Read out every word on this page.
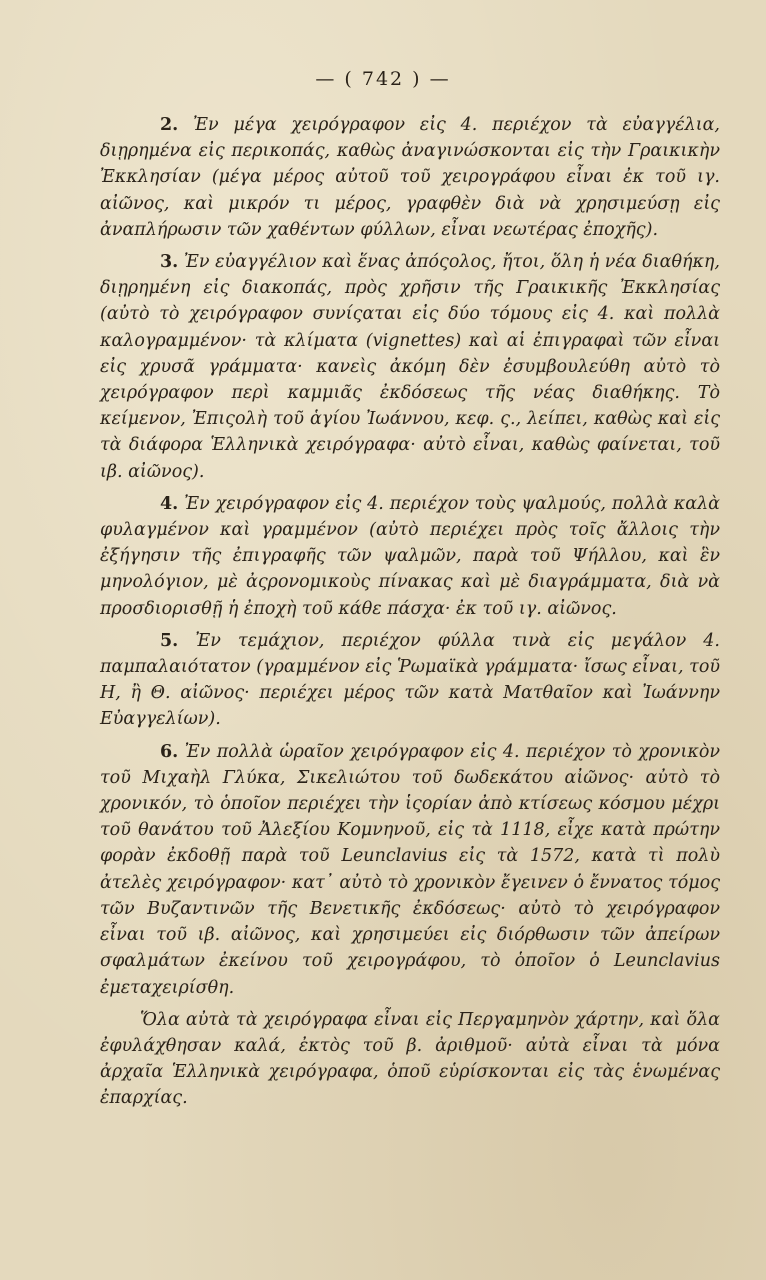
— ( 742 ) —

2. Ἐν μέγα χειρόγραφον εἰς 4. περιέχον τὰ εὐαγγέλια, διῃρημένα εἰς περικοπάς, καθὼς ἀναγινώσκονται εἰς τὴν Γραικικὴν Ἐκκλησίαν (μέγα μέρος αὐτοῦ τοῦ χειρογράφου εἶναι ἐκ τοῦ ιγ. αἰῶνος, καὶ μικρόν τι μέρος, γραφθὲν διὰ νὰ χρησιμεύσῃ εἰς ἀναπλήρωσιν τῶν χαθέντων φύλλων, εἶναι νεωτέρας ἐποχῆς).

3. Ἐν εὐαγγέλιον καὶ ἕνας ἀπόςολος, ἤτοι, ὅλη ἡ νέα διαθήκη, διῃρημένη εἰς διακοπάς, πρὸς χρῆσιν τῆς Γραικικῆς Ἐκκλησίας (αὐτὸ τὸ χειρόγραφον συνίςαται εἰς δύο τόμους εἰς 4. καὶ πολλὰ καλογραμμένον· τὰ κλίματα (vignettes) καὶ αἱ ἐπιγραφαὶ τῶν εἶναι εἰς χρυσᾶ γράμματα· κανεὶς ἀκόμη δὲν ἐσυμβουλεύθη αὐτὸ τὸ χειρόγραφον περὶ καμμιᾶς ἐκδόσεως τῆς νέας διαθήκης. Τὸ κείμενον, Ἐπιςολὴ τοῦ ἁγίου Ἰωάννου, κεφ. ς., λείπει, καθὼς καὶ εἰς τὰ διάφορα Ἑλληνικὰ χειρόγραφα· αὐτὸ εἶναι, καθὼς φαίνεται, τοῦ ιβ. αἰῶνος).

4. Ἐν χειρόγραφον εἰς 4. περιέχον τοὺς ψαλμούς, πολλὰ καλὰ φυλαγμένον καὶ γραμμένον (αὐτὸ περιέχει πρὸς τοῖς ἄλλοις τὴν ἐξήγησιν τῆς ἐπιγραφῆς τῶν ψαλμῶν, παρὰ τοῦ Ψήλλου, καὶ ἓν μηνολόγιον, μὲ ἀςρονομικοὺς πίνακας καὶ μὲ διαγράμματα, διὰ νὰ προσδιορισθῇ ἡ ἐποχὴ τοῦ κάθε πάσχα· ἐκ τοῦ ιγ. αἰῶνος.

5. Ἐν τεμάχιον, περιέχον φύλλα τινὰ εἰς μεγάλον 4. παμπαλαιότατον (γραμμένον εἰς Ῥωμαϊκὰ γράμματα· ἴσως εἶναι, τοῦ Η, ἢ Θ. αἰῶνος· περιέχει μέρος τῶν κατὰ Ματθαῖον καὶ Ἰωάννην Εὐαγγελίων).

6. Ἐν πολλὰ ὡραῖον χειρόγραφον εἰς 4. περιέχον τὸ χρονικὸν τοῦ Μιχαὴλ Γλύκα, Σικελιώτου τοῦ δωδεκάτου αἰῶνος· αὐτὸ τὸ χρονικόν, τὸ ὁποῖον περιέχει τὴν ἱςορίαν ἀπὸ κτίσεως κόσμου μέχρι τοῦ θανάτου τοῦ Ἀλεξίου Κομνηνοῦ, εἰς τὰ 1118, εἶχε κατὰ πρώτην φορὰν ἐκδοθῇ παρὰ τοῦ Leunclavius εἰς τὰ 1572, κατὰ τὶ πολὺ ἀτελὲς χειρόγραφον· κατ᾽ αὐτὸ τὸ χρονικὸν ἔγεινεν ὁ ἔννατος τόμος τῶν Βυζαντινῶν τῆς Βενετικῆς ἐκδόσεως· αὐτὸ τὸ χειρόγραφον εἶναι τοῦ ιβ. αἰῶνος, καὶ χρησιμεύει εἰς διόρθωσιν τῶν ἀπείρων σφαλμάτων ἐκείνου τοῦ χειρογράφου, τὸ ὁποῖον ὁ Leunclavius ἐμεταχειρίσθη.

Ὅλα αὐτὰ τὰ χειρόγραφα εἶναι εἰς Περγαμηνὸν χάρτην, καὶ ὅλα ἐφυλάχθησαν καλά, ἐκτὸς τοῦ β. ἀριθμοῦ· αὐτὰ εἶναι τὰ μόνα ἀρχαῖα Ἑλληνικὰ χειρόγραφα, ὁποῦ εὑρίσκονται εἰς τὰς ἑνωμένας ἐπαρχίας.
